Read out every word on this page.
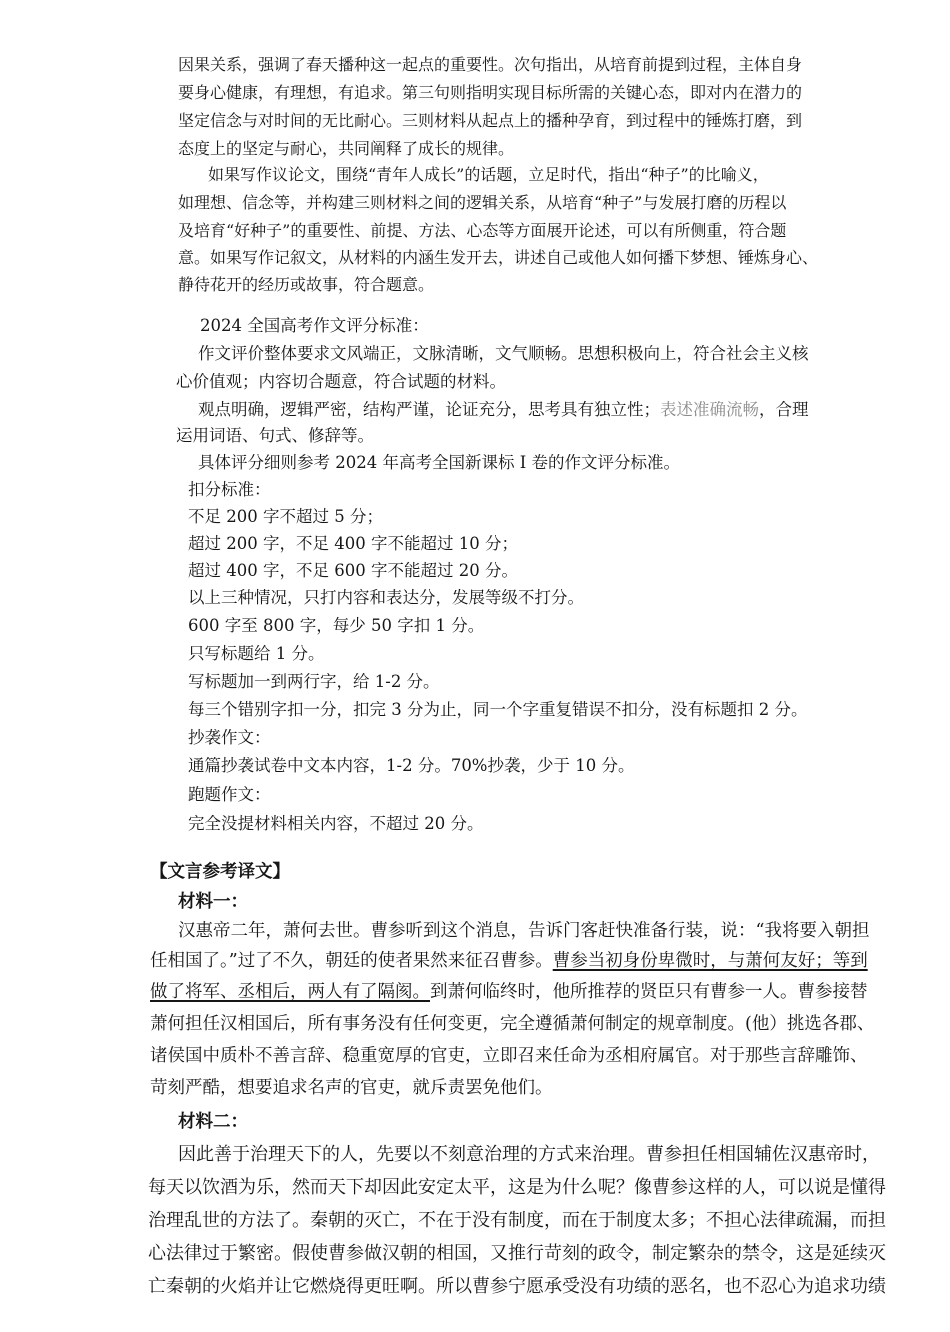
因果关系，强调了春天播种这一起点的重要性。次句指出，从培育前提到过程，主体自身
要身心健康，有理想，有追求。第三句则指明实现目标所需的关键心态，即对内在潜力的
坚定信念与对时间的无比耐心。三则材料从起点上的播种孕育，到过程中的锤炼打磨，到
态度上的坚定与耐心，共同阐释了成长的规律。
如果写作议论文，围绕“青年人成长”的话题，立足时代，指出“种子”的比喻义，
如理想、信念等，并构建三则材料之间的逻辑关系，从培育“种子”与发展打磨的历程以
及培育“好种子”的重要性、前提、方法、心态等方面展开论述，可以有所侧重，符合题
意。如果写作记叙文，从材料的内涵生发开去，讲述自己或他人如何播下梦想、锤炼身心、
静待花开的经历或故事，符合题意。
2024 全国高考作文评分标准：
作文评价整体要求文风端正，文脉清晰，文气顺畅。思想积极向上，符合社会主义核
心价值观；内容切合题意，符合试题的材料。
观点明确，逻辑严密，结构严谨，论证充分，思考具有独立性；表述准确流畅，合理
运用词语、句式、修辞等。
具体评分细则参考 2024 年高考全国新课标 Ⅰ 卷的作文评分标准。
扣分标准：
不足 200 字不超过 5 分；
超过 200 字，不足 400 字不能超过 10 分；
超过 400 字，不足 600 字不能超过 20 分。
以上三种情况，只打内容和表达分，发展等级不打分。
600 字至 800 字，每少 50 字扣 1 分。
只写标题给 1 分。
写标题加一到两行字，给 1-2 分。
每三个错别字扣一分，扣完 3 分为止，同一个字重复错误不扣分，没有标题扣 2 分。
抄袭作文：
通篇抄袭试卷中文本内容，1-2 分。70%抄袭，少于 10 分。
跑题作文：
完全没提材料相关内容，不超过 20 分。
【文言参考译文】
材料一：
汉惠帝二年，萧何去世。曹参听到这个消息，告诉门客赶快准备行装，说：“我将要入朝担
任相国了。”过了不久，朝廷的使者果然来征召曹参。曹参当初身份卑微时，与萧何友好；等到
做了将军、丞相后，两人有了隔阂。到萧何临终时，他所推荐的贤臣只有曹参一人。曹参接替
萧何担任汉相国后，所有事务没有任何变更，完全遵循萧何制定的规章制度。(他）挑选各郡、
诸侯国中质朴不善言辞、稳重宽厚的官吏，立即召来任命为丞相府属官。对于那些言辞雕饰、
苛刻严酷，想要追求名声的官吏，就斥责罢免他们。
材料二：
因此善于治理天下的人，先要以不刻意治理的方式来治理。曹参担任相国辅佐汉惠帝时，
每天以饮酒为乐，然而天下却因此安定太平，这是为什么呢？像曹参这样的人，可以说是懂得
治理乱世的方法了。秦朝的灭亡，不在于没有制度，而在于制度太多；不担心法律疏漏，而担
心法律过于繁密。假使曹参做汉朝的相国，又推行苛刻的政令，制定繁杂的禁令，这是延续灭
亡秦朝的火焰并让它燃烧得更旺啊。所以曹参宁愿承受没有功绩的恶名，也不忍心为追求功绩
